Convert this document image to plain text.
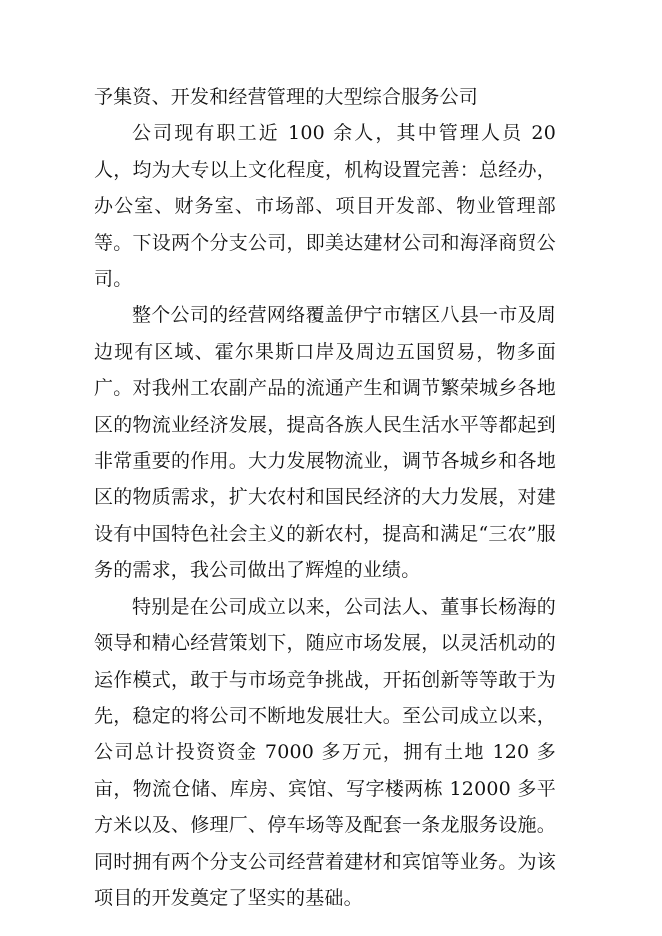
予集资、开发和经营管理的大型综合服务公司

公司现有职工近 100 余人，其中管理人员 20 人，均为大专以上文化程度，机构设置完善：总经办，办公室、财务室、市场部、项目开发部、物业管理部等。下设两个分支公司，即美达建材公司和海泽商贸公司。

整个公司的经营网络覆盖伊宁市辖区八县一市及周边现有区域、霍尔果斯口岸及周边五国贸易，物多面广。对我州工农副产品的流通产生和调节繁荣城乡各地区的物流业经济发展，提高各族人民生活水平等都起到非常重要的作用。大力发展物流业，调节各城乡和各地区的物质需求，扩大农村和国民经济的大力发展，对建设有中国特色社会主义的新农村，提高和满足“三农”服务的需求，我公司做出了辉煌的业绩。

特别是在公司成立以来，公司法人、董事长杨海的领导和精心经营策划下，随应市场发展，以灵活机动的运作模式，敢于与市场竞争挑战，开拓创新等等敢于为先，稳定的将公司不断地发展壮大。至公司成立以来，公司总计投资资金 7000 多万元，拥有土地 120 多亩，物流仓储、库房、宾馆、写字楼两栋 12000 多平方米以及、修理厂、停车场等及配套一条龙服务设施。同时拥有两个分支公司经营着建材和宾馆等业务。为该项目的开发奠定了坚实的基础。
